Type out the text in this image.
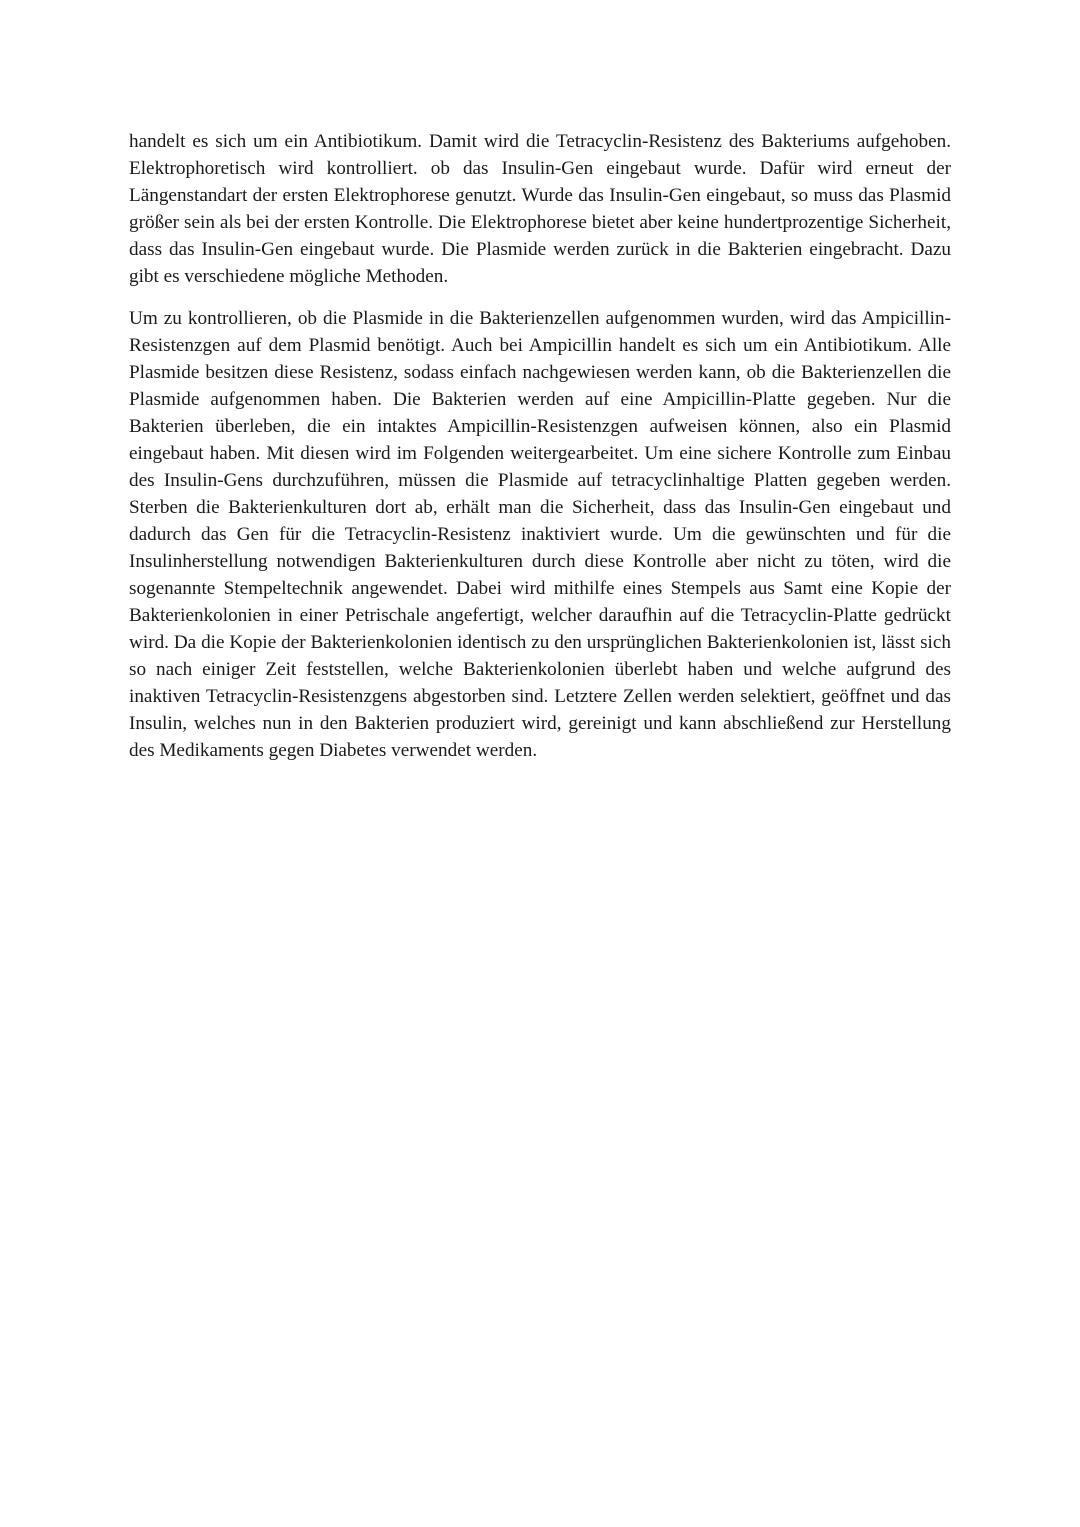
handelt es sich um ein Antibiotikum. Damit wird die Tetracyclin-Resistenz des Bakteriums aufgehoben. Elektrophoretisch wird kontrolliert. ob das Insulin-Gen eingebaut wurde. Dafür wird erneut der Längenstandart der ersten Elektrophorese genutzt. Wurde das Insulin-Gen eingebaut, so muss das Plasmid größer sein als bei der ersten Kontrolle. Die Elektrophorese bietet aber keine hundertprozentige Sicherheit, dass das Insulin-Gen eingebaut wurde. Die Plasmide werden zurück in die Bakterien eingebracht. Dazu gibt es verschiedene mögliche Methoden.

Um zu kontrollieren, ob die Plasmide in die Bakterienzellen aufgenommen wurden, wird das Ampicillin-Resistenzgen auf dem Plasmid benötigt. Auch bei Ampicillin handelt es sich um ein Antibiotikum. Alle Plasmide besitzen diese Resistenz, sodass einfach nachgewiesen werden kann, ob die Bakterienzellen die Plasmide aufgenommen haben. Die Bakterien werden auf eine Ampicillin-Platte gegeben. Nur die Bakterien überleben, die ein intaktes Ampicillin-Resistenzgen aufweisen können, also ein Plasmid eingebaut haben. Mit diesen wird im Folgenden weitergearbeitet. Um eine sichere Kontrolle zum Einbau des Insulin-Gens durchzuführen, müssen die Plasmide auf tetracyclinhaltige Platten gegeben werden. Sterben die Bakterienkulturen dort ab, erhält man die Sicherheit, dass das Insulin-Gen eingebaut und dadurch das Gen für die Tetracyclin-Resistenz inaktiviert wurde. Um die gewünschten und für die Insulinherstellung notwendigen Bakterienkulturen durch diese Kontrolle aber nicht zu töten, wird die sogenannte Stempeltechnik angewendet. Dabei wird mithilfe eines Stempels aus Samt eine Kopie der Bakterienkolonien in einer Petrischale angefertigt, welcher daraufhin auf die Tetracyclin-Platte gedrückt wird. Da die Kopie der Bakterienkolonien identisch zu den ursprünglichen Bakterienkolonien ist, lässt sich so nach einiger Zeit feststellen, welche Bakterienkolonien überlebt haben und welche aufgrund des inaktiven Tetracyclin-Resistenzgens abgestorben sind. Letztere Zellen werden selektiert, geöffnet und das Insulin, welches nun in den Bakterien produziert wird, gereinigt und kann abschließend zur Herstellung des Medikaments gegen Diabetes verwendet werden.
